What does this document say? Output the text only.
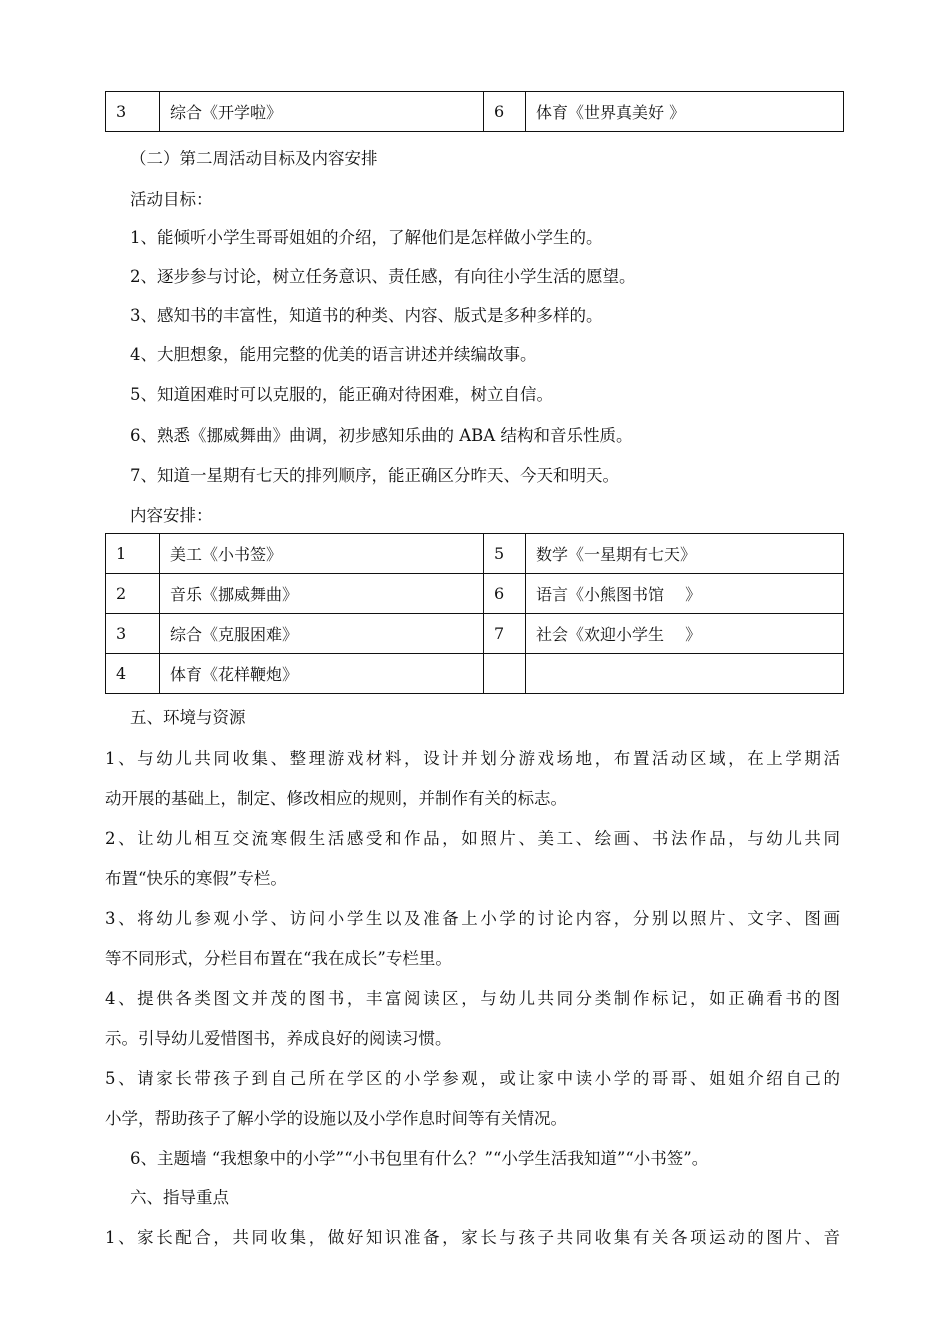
3	综合《开学啦》	6	体育《世界真美好 》
（二）第二周活动目标及内容安排
活动目标：
1、能倾听小学生哥哥姐姐的介绍，了解他们是怎样做小学生的。
2、逐步参与讨论，树立任务意识、责任感，有向往小学生活的愿望。
3、感知书的丰富性，知道书的种类、内容、版式是多种多样的。
4、大胆想象，能用完整的优美的语言讲述并续编故事。
5、知道困难时可以克服的，能正确对待困难，树立自信。
6、熟悉《挪威舞曲》曲调，初步感知乐曲的 ABA 结构和音乐性质。
7、知道一星期有七天的排列顺序，能正确区分昨天、今天和明天。
内容安排：
1	美工《小书签》	5	数学《一星期有七天》
2	音乐《挪威舞曲》	6	语言《小熊图书馆 　》
3	综合《克服困难》	7	社会《欢迎小学生 　》
4	体育《花样鞭炮》		
五、环境与资源
1、与幼儿共同收集、整理游戏材料，设计并划分游戏场地，布置活动区域，在上学期活
动开展的基础上，制定、修改相应的规则，并制作有关的标志。
2、让幼儿相互交流寒假生活感受和作品，如照片、美工、绘画、书法作品，与幼儿共同
布置“快乐的寒假”专栏。
3、将幼儿参观小学、访问小学生以及准备上小学的讨论内容，分别以照片、文字、图画
等不同形式，分栏目布置在“我在成长”专栏里。
4、提供各类图文并茂的图书，丰富阅读区，与幼儿共同分类制作标记，如正确看书的图
示。引导幼儿爱惜图书，养成良好的阅读习惯。
5、请家长带孩子到自己所在学区的小学参观，或让家中读小学的哥哥、姐姐介绍自己的
小学，帮助孩子了解小学的设施以及小学作息时间等有关情况。
6、主题墙 “我想象中的小学”“小书包里有什么？”“小学生活我知道”“小书签”。
六、指导重点
1、家长配合，共同收集，做好知识准备，家长与孩子共同收集有关各项运动的图片、音
